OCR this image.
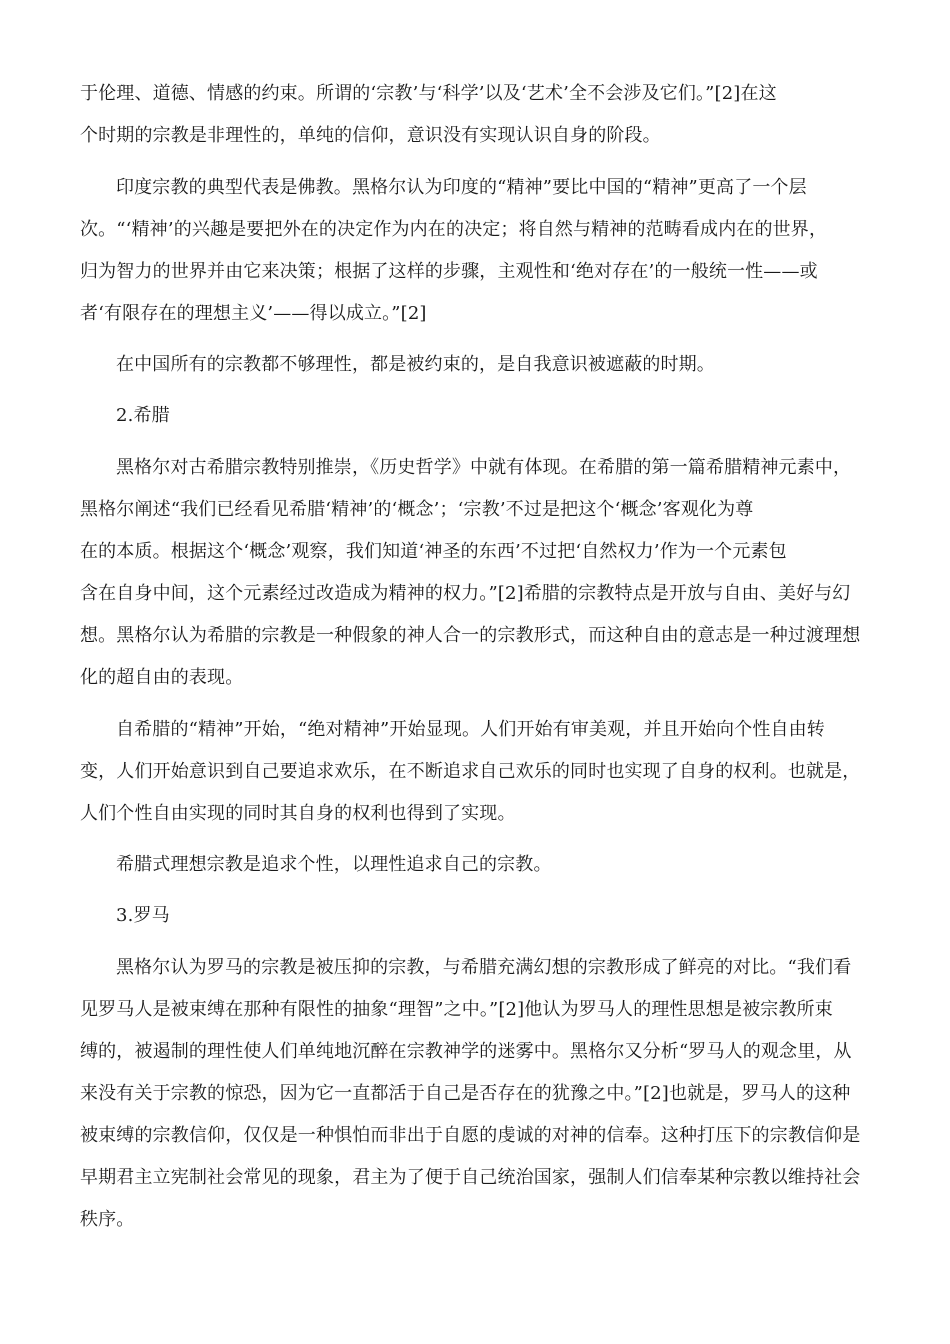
于伦理、道德、情感的约束。所谓的‘宗教’与‘科学’以及‘艺术’全不会涉及它们。”[2]在这
个时期的宗教是非理性的，单纯的信仰，意识没有实现认识自身的阶段。
印度宗教的典型代表是佛教。黑格尔认为印度的“精神”要比中国的“精神”更高了一个层
次。“‘精神’的兴趣是要把外在的决定作为内在的决定；将自然与精神的范畴看成内在的世界，
归为智力的世界并由它来决策；根据了这样的步骤，主观性和‘绝对存在’的一般统一性——或
者‘有限存在的理想主义’——得以成立。”[2]
在中国所有的宗教都不够理性，都是被约束的，是自我意识被遮蔽的时期。
2.希腊
黑格尔对古希腊宗教特别推崇，《历史哲学》中就有体现。在希腊的第一篇希腊精神元素中，
黑格尔阐述“我们已经看见希腊‘精神’的‘概念’；‘宗教’不过是把这个‘概念’客观化为尊
在的本质。根据这个‘概念’观察，我们知道‘神圣的东西’不过把‘自然权力’作为一个元素包
含在自身中间，这个元素经过改造成为精神的权力。”[2]希腊的宗教特点是开放与自由、美好与幻
想。黑格尔认为希腊的宗教是一种假象的神人合一的宗教形式，而这种自由的意志是一种过渡理想
化的超自由的表现。
自希腊的“精神”开始，“绝对精神”开始显现。人们开始有审美观，并且开始向个性自由转
变，人们开始意识到自己要追求欢乐，在不断追求自己欢乐的同时也实现了自身的权利。也就是，
人们个性自由实现的同时其自身的权利也得到了实现。
希腊式理想宗教是追求个性，以理性追求自己的宗教。
3.罗马
黑格尔认为罗马的宗教是被压抑的宗教，与希腊充满幻想的宗教形成了鲜亮的对比。“我们看
见罗马人是被束缚在那种有限性的抽象“理智”之中。”[2]他认为罗马人的理性思想是被宗教所束
缚的，被遏制的理性使人们单纯地沉醉在宗教神学的迷雾中。黑格尔又分析“罗马人的观念里，从
来没有关于宗教的惊恐，因为它一直都活于自己是否存在的犹豫之中。”[2]也就是，罗马人的这种
被束缚的宗教信仰，仅仅是一种惧怕而非出于自愿的虔诚的对神的信奉。这种打压下的宗教信仰是
早期君主立宪制社会常见的现象，君主为了便于自己统治国家，强制人们信奉某种宗教以维持社会
秩序。
